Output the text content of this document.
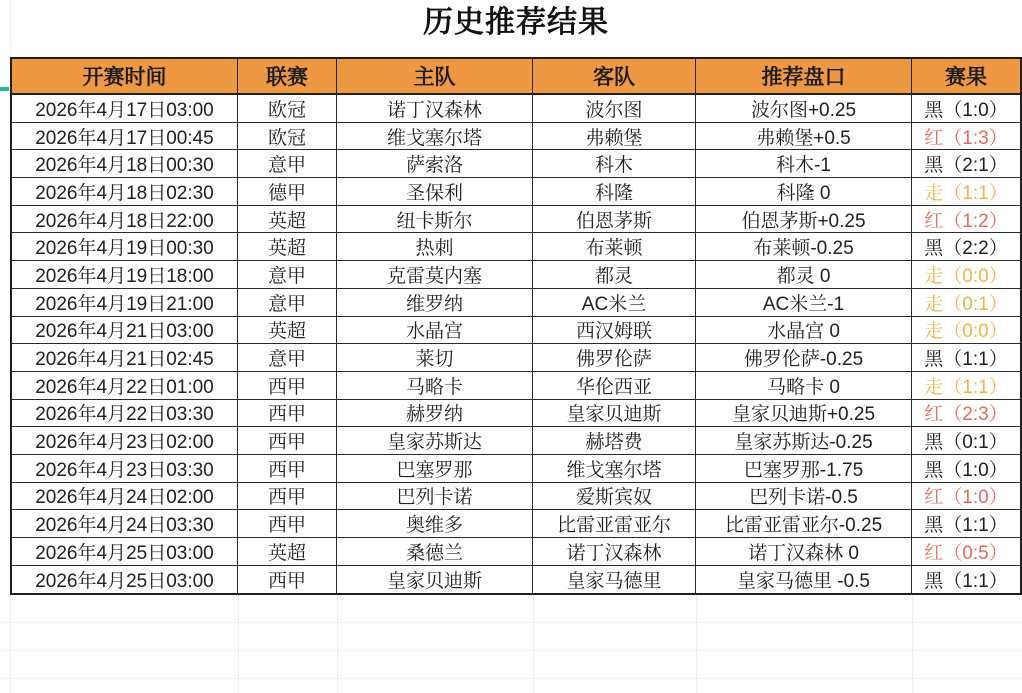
历史推荐结果
开赛时间	联赛	主队	客队	推荐盘口	赛果
2026年4月17日03:00	欧冠	诺丁汉森林	波尔图	波尔图+0.25	黑（1:0）
2026年4月17日00:45	欧冠	维戈塞尔塔	弗赖堡	弗赖堡+0.5	红（1:3）
2026年4月18日00:30	意甲	萨索洛	科木	科木-1	黑（2:1）
2026年4月18日02:30	德甲	圣保利	科隆	科隆 0	走（1:1）
2026年4月18日22:00	英超	纽卡斯尔	伯恩茅斯	伯恩茅斯+0.25	红（1:2）
2026年4月19日00:30	英超	热刺	布莱顿	布莱顿-0.25	黑（2:2）
2026年4月19日18:00	意甲	克雷莫内塞	都灵	都灵 0	走（0:0）
2026年4月19日21:00	意甲	维罗纳	AC米兰	AC米兰-1	走（0:1）
2026年4月21日03:00	英超	水晶宫	西汉姆联	水晶宫 0	走（0:0）
2026年4月21日02:45	意甲	莱切	佛罗伦萨	佛罗伦萨-0.25	黑（1:1）
2026年4月22日01:00	西甲	马略卡	华伦西亚	马略卡 0	走（1:1）
2026年4月22日03:30	西甲	赫罗纳	皇家贝迪斯	皇家贝迪斯+0.25	红（2:3）
2026年4月23日02:00	西甲	皇家苏斯达	赫塔费	皇家苏斯达-0.25	黑（0:1）
2026年4月23日03:30	西甲	巴塞罗那	维戈塞尔塔	巴塞罗那-1.75	黑（1:0）
2026年4月24日02:00	西甲	巴列卡诺	爱斯宾奴	巴列卡诺-0.5	红（1:0）
2026年4月24日03:30	西甲	奥维多	比雷亚雷亚尔	比雷亚雷亚尔-0.25	黑（1:1）
2026年4月25日03:00	英超	桑德兰	诺丁汉森林	诺丁汉森林 0	红（0:5）
2026年4月25日03:00	西甲	皇家贝迪斯	皇家马德里	皇家马德里 -0.5	黑（1:1）
